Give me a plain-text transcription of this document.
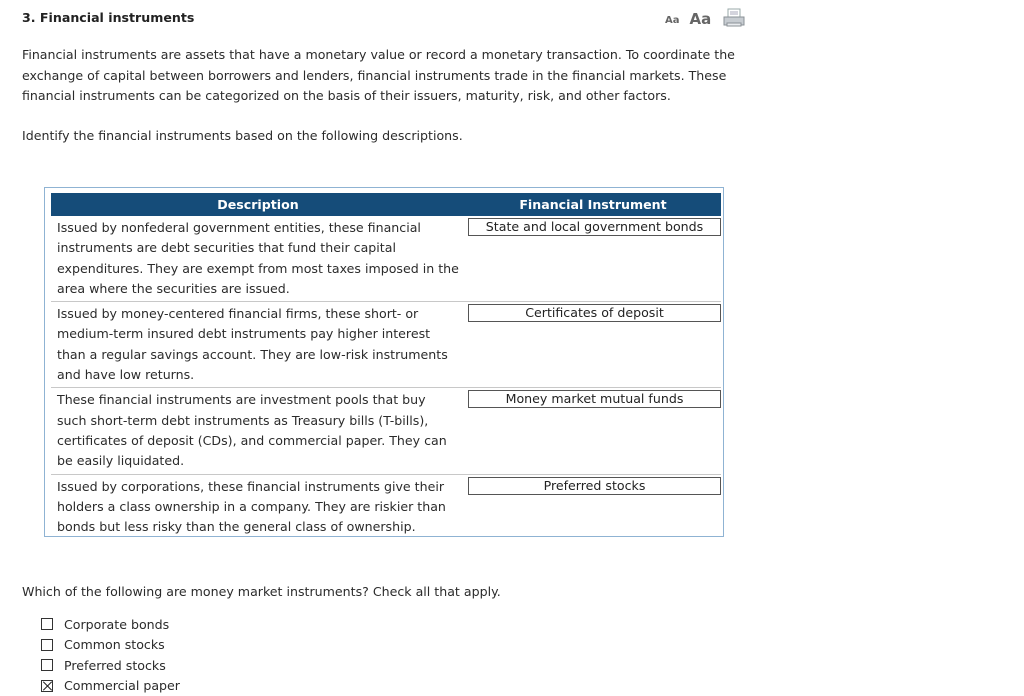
3. Financial instruments	Aa Aa
Financial instruments are assets that have a monetary value or record a monetary transaction. To coordinate the exchange of capital between borrowers and lenders, financial instruments trade in the financial markets. These financial instruments can be categorized on the basis of their issuers, maturity, risk, and other factors.
Identify the financial instruments based on the following descriptions.
Description	Financial Instrument
Issued by nonfederal government entities, these financial instruments are debt securities that fund their capital expenditures. They are exempt from most taxes imposed in the area where the securities are issued.	State and local government bonds

Issued by money-centered financial firms, these short- or medium-term insured debt instruments pay higher interest than a regular savings account. They are low-risk instruments and have low returns.	Certificates of deposit

These financial instruments are investment pools that buy such short-term debt instruments as Treasury bills (T-bills), certificates of deposit (CDs), and commercial paper. They can be easily liquidated.	Money market mutual funds

Issued by corporations, these financial instruments give their holders a class ownership in a company. They are riskier than bonds but less risky than the general class of ownership.	Preferred stocks
Which of the following are money market instruments? Check all that apply.
Corporate bonds
Common stocks
Preferred stocks
Commercial paper
